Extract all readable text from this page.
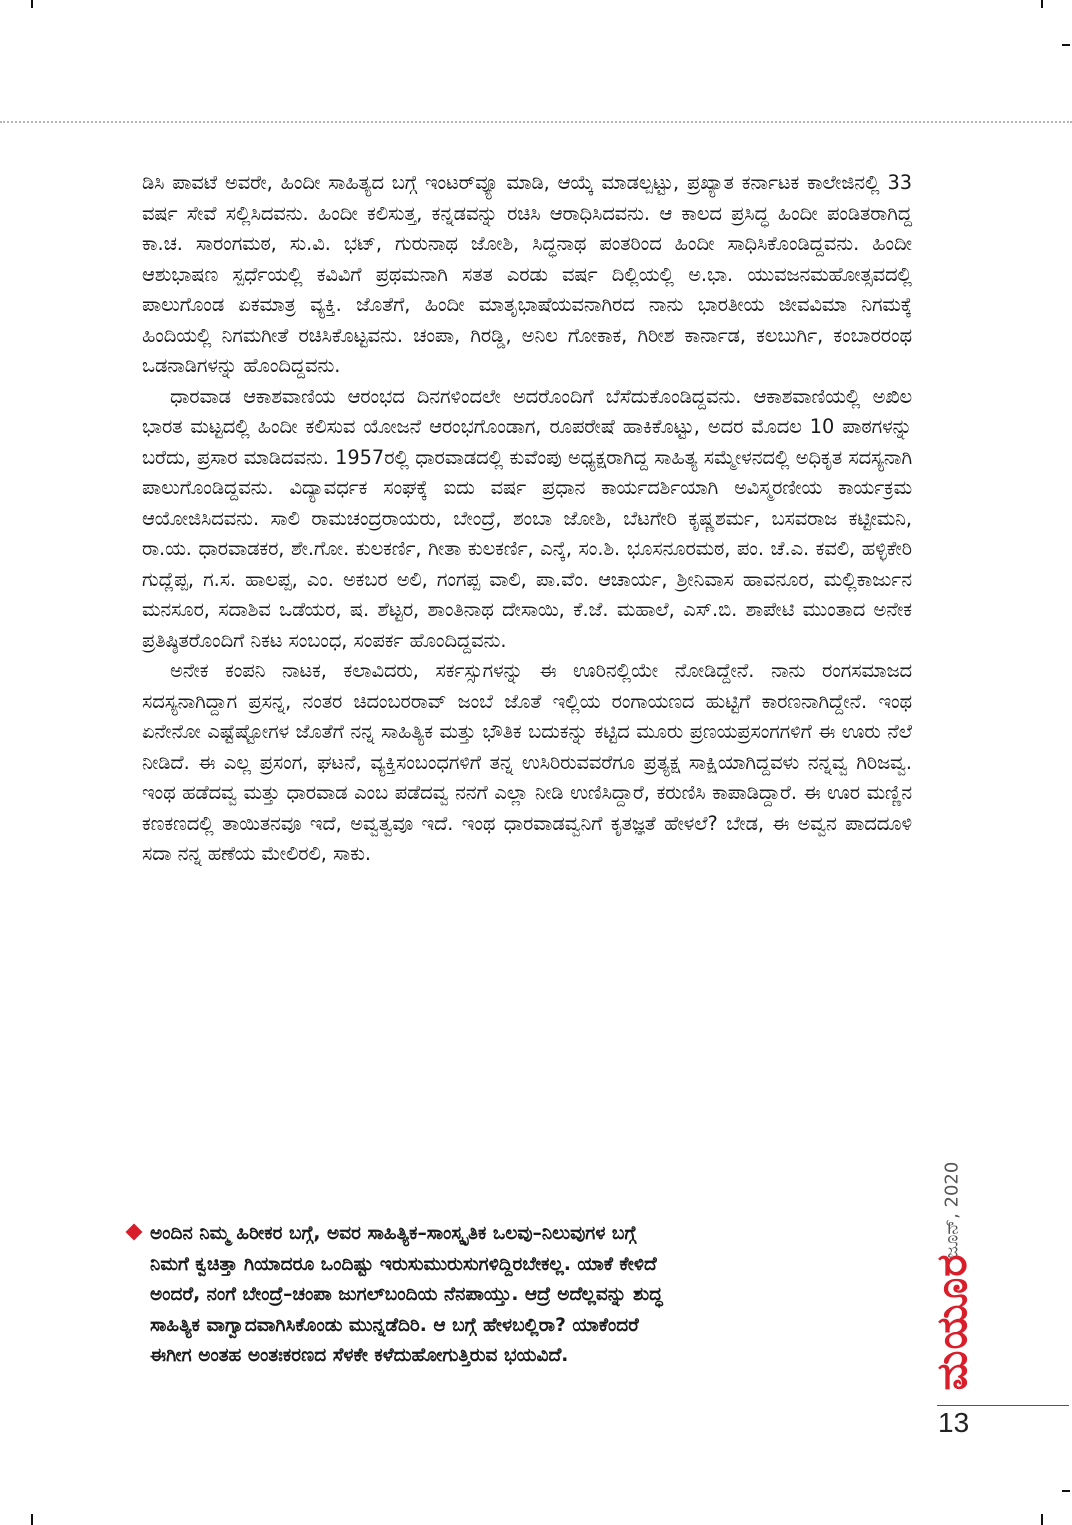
ಡಿಸಿ ಪಾವಟೆ ಅವರೇ, ಹಿಂದೀ ಸಾಹಿತ್ಯದ ಬಗ್ಗೆ ಇಂಟರ್‌ವ್ಯೂ ಮಾಡಿ, ಆಯ್ಕೆ ಮಾಡಲ್ಪಟ್ಟು, ಪ್ರಖ್ಯಾತ ಕರ್ನಾಟಕ ಕಾಲೇಜಿನಲ್ಲಿ 33 ವರ್ಷ ಸೇವೆ ಸಲ್ಲಿಸಿದವನು. ಹಿಂದೀ ಕಲಿಸುತ್ತ, ಕನ್ನಡವನ್ನು ರಚಿಸಿ ಆರಾಧಿಸಿದವನು. ಆ ಕಾಲದ ಪ್ರಸಿದ್ಧ ಹಿಂದೀ ಪಂಡಿತರಾಗಿದ್ದ ಕಾ.ಚ. ಸಾರಂಗಮಠ, ಸು.ವಿ. ಭಟ್, ಗುರುನಾಥ ಜೋಶಿ, ಸಿದ್ಧನಾಥ ಪಂತರಿಂದ ಹಿಂದೀ ಸಾಧಿಸಿಕೊಂಡಿದ್ದವನು. ಹಿಂದೀ ಆಶುಭಾಷಣ ಸ್ಪರ್ಧೆಯಲ್ಲಿ ಕವಿವಿಗೆ ಪ್ರಥಮನಾಗಿ ಸತತ ಎರಡು ವರ್ಷ ದಿಲ್ಲಿಯಲ್ಲಿ ಅ.ಭಾ. ಯುವಜನಮಹೋತ್ಸವದಲ್ಲಿ ಪಾಲುಗೊಂಡ ಏಕಮಾತ್ರ ವ್ಯಕ್ತಿ. ಜೊತೆಗೆ, ಹಿಂದೀ ಮಾತೃಭಾಷೆಯವನಾಗಿರದ ನಾನು ಭಾರತೀಯ ಜೀವವಿಮಾ ನಿಗಮಕ್ಕೆ ಹಿಂದಿಯಲ್ಲಿ ನಿಗಮಗೀತೆ ರಚಿಸಿಕೊಟ್ಟವನು. ಚಂಪಾ, ಗಿರಡ್ಡಿ, ಅನಿಲ ಗೋಕಾಕ, ಗಿರೀಶ ಕಾರ್ನಾಡ, ಕಲಬುರ್ಗಿ, ಕಂಬಾರರಂಥ ಒಡನಾಡಿಗಳನ್ನು ಹೊಂದಿದ್ದವನು.

ಧಾರವಾಡ ಆಕಾಶವಾಣಿಯ ಆರಂಭದ ದಿನಗಳಿಂದಲೇ ಅದರೊಂದಿಗೆ ಬೆಸೆದುಕೊಂಡಿದ್ದವನು. ಆಕಾಶವಾಣಿಯಲ್ಲಿ ಅಖಿಲ ಭಾರತ ಮಟ್ಟದಲ್ಲಿ ಹಿಂದೀ ಕಲಿಸುವ ಯೋಜನೆ ಆರಂಭಗೊಂಡಾಗ, ರೂಪರೇಷೆ ಹಾಕಿಕೊಟ್ಟು, ಅದರ ಮೊದಲ 10 ಪಾಠಗಳನ್ನು ಬರೆದು, ಪ್ರಸಾರ ಮಾಡಿದವನು. 1957ರಲ್ಲಿ ಧಾರವಾಡದಲ್ಲಿ ಕುವೆಂಪು ಅಧ್ಯಕ್ಷರಾಗಿದ್ದ ಸಾಹಿತ್ಯ ಸಮ್ಮೇಳನದಲ್ಲಿ ಅಧಿಕೃತ ಸದಸ್ಯನಾಗಿ ಪಾಲುಗೊಂಡಿದ್ದವನು. ವಿದ್ಯಾವರ್ಧಕ ಸಂಘಕ್ಕೆ ಐದು ವರ್ಷ ಪ್ರಧಾನ ಕಾರ್ಯದರ್ಶಿಯಾಗಿ ಅವಿಸ್ಮರಣೀಯ ಕಾರ್ಯಕ್ರಮ ಆಯೋಜಿಸಿದವನು. ಸಾಲಿ ರಾಮಚಂದ್ರರಾಯರು, ಬೇಂದ್ರೆ, ಶಂಬಾ ಜೋಶಿ, ಬೆಟಗೇರಿ ಕೃಷ್ಣಶರ್ಮ, ಬಸವರಾಜ ಕಟ್ಟೀಮನಿ, ರಾ.ಯ. ಧಾರವಾಡಕರ, ಶೇ.ಗೋ. ಕುಲಕರ್ಣಿ, ಗೀತಾ ಕುಲಕರ್ಣಿ, ಎನ್ಕೆ, ಸಂ.ಶಿ. ಭೂಸನೂರಮಠ, ಪಂ. ಚೆ.ಎ. ಕವಲಿ, ಹಳ್ಳಿಕೇರಿ ಗುದ್ಲೆಪ್ಪ, ಗ.ಸ. ಹಾಲಪ್ಪ, ಎಂ. ಅಕಬರ ಅಲಿ, ಗಂಗಪ್ಪ ವಾಲಿ, ಪಾ.ವೆಂ. ಆಚಾರ್ಯ, ಶ್ರೀನಿವಾಸ ಹಾವನೂರ, ಮಲ್ಲಿಕಾರ್ಜುನ ಮನಸೂರ, ಸದಾಶಿವ ಒಡೆಯರ, ಷ. ಶೆಟ್ಟರ, ಶಾಂತಿನಾಥ ದೇಸಾಯಿ, ಕೆ.ಜೆ. ಮಹಾಲೆ, ಎಸ್.ಬಿ. ಶಾಪೇಟಿ ಮುಂತಾದ ಅನೇಕ ಪ್ರತಿಷ್ಠಿತರೊಂದಿಗೆ ನಿಕಟ ಸಂಬಂಧ, ಸಂಪರ್ಕ ಹೊಂದಿದ್ದವನು.

ಅನೇಕ ಕಂಪನಿ ನಾಟಕ, ಕಲಾವಿದರು, ಸರ್ಕಸ್ಸುಗಳನ್ನು ಈ ಊರಿನಲ್ಲಿಯೇ ನೋಡಿದ್ದೇನೆ. ನಾನು ರಂಗಸಮಾಜದ ಸದಸ್ಯನಾಗಿದ್ದಾಗ ಪ್ರಸನ್ನ, ನಂತರ ಚಿದಂಬರರಾವ್ ಜಂಬೆ ಜೊತೆ ಇಲ್ಲಿಯ ರಂಗಾಯಣದ ಹುಟ್ಟಿಗೆ ಕಾರಣನಾಗಿದ್ದೇನೆ. ಇಂಥ ಏನೇನೋ ಎಷ್ಟೆಷ್ಟೋಗಳ ಜೊತೆಗೆ ನನ್ನ ಸಾಹಿತ್ಯಿಕ ಮತ್ತು ಭೌತಿಕ ಬದುಕನ್ನು ಕಟ್ಟಿದ ಮೂರು ಪ್ರಣಯಪ್ರಸಂಗಗಳಿಗೆ ಈ ಊರು ನೆಲೆ ನೀಡಿದೆ. ಈ ಎಲ್ಲ ಪ್ರಸಂಗ, ಘಟನೆ, ವ್ಯಕ್ತಿಸಂಬಂಧಗಳಿಗೆ ತನ್ನ ಉಸಿರಿರುವವರೆಗೂ ಪ್ರತ್ಯಕ್ಷ ಸಾಕ್ಷಿಯಾಗಿದ್ದವಳು ನನ್ನವ್ವ ಗಿರಿಜವ್ವ. ಇಂಥ ಹಡೆದವ್ವ ಮತ್ತು ಧಾರವಾಡ ಎಂಬ ಪಡೆದವ್ವ ನನಗೆ ಎಲ್ಲಾ ನೀಡಿ ಉಣಿಸಿದ್ದಾರೆ, ಕರುಣಿಸಿ ಕಾಪಾಡಿದ್ದಾರೆ. ಈ ಊರ ಮಣ್ಣಿನ ಕಣಕಣದಲ್ಲಿ ತಾಯಿತನವೂ ಇದೆ, ಅವ್ವತ್ವವೂ ಇದೆ. ಇಂಥ ಧಾರವಾಡವ್ವನಿಗೆ ಕೃತಜ್ಞತೆ ಹೇಳಲೆ? ಬೇಡ, ಈ ಅವ್ವನ ಪಾದದೂಳಿ ಸದಾ ನನ್ನ ಹಣೆಯ ಮೇಲಿರಲಿ, ಸಾಕು.

ಅಂದಿನ ನಿಮ್ಮ ಹಿರೀಕರ ಬಗ್ಗೆ, ಅವರ ಸಾಹಿತ್ಯಿಕ–ಸಾಂಸ್ಕೃತಿಕ ಒಲವು–ನಿಲುವುಗಳ ಬಗ್ಗೆ
ನಿಮಗೆ ಕ್ವಚಿತ್ತಾ ಗಿಯಾದರೂ ಒಂದಿಷ್ಟು ಇರುಸುಮುರುಸುಗಳಿದ್ದಿರಬೇಕಲ್ಲ. ಯಾಕೆ ಕೇಳಿದೆ
ಅಂದರೆ, ನಂಗೆ ಬೇಂದ್ರೆ–ಚಂಪಾ ಜುಗಲ್‌ಬಂದಿಯ ನೆನಪಾಯ್ತು. ಆದ್ರೆ ಅದೆಲ್ಲವನ್ನು ಶುದ್ಧ
ಸಾಹಿತ್ಯಿಕ ವಾಗ್ವಾದವಾಗಿಸಿಕೊಂಡು ಮುನ್ನಡೆದಿರಿ. ಆ ಬಗ್ಗೆ ಹೇಳಬಲ್ಲಿರಾ? ಯಾಕೆಂದರೆ
ಈಗೀಗ ಅಂತಹ ಅಂತಃಕರಣದ ಸೆಳಕೇ ಕಳೆದುಹೋಗುತ್ತಿರುವ ಭಯವಿದೆ.
ಜೂನ್, 2020
ಮಯೂರ
13
